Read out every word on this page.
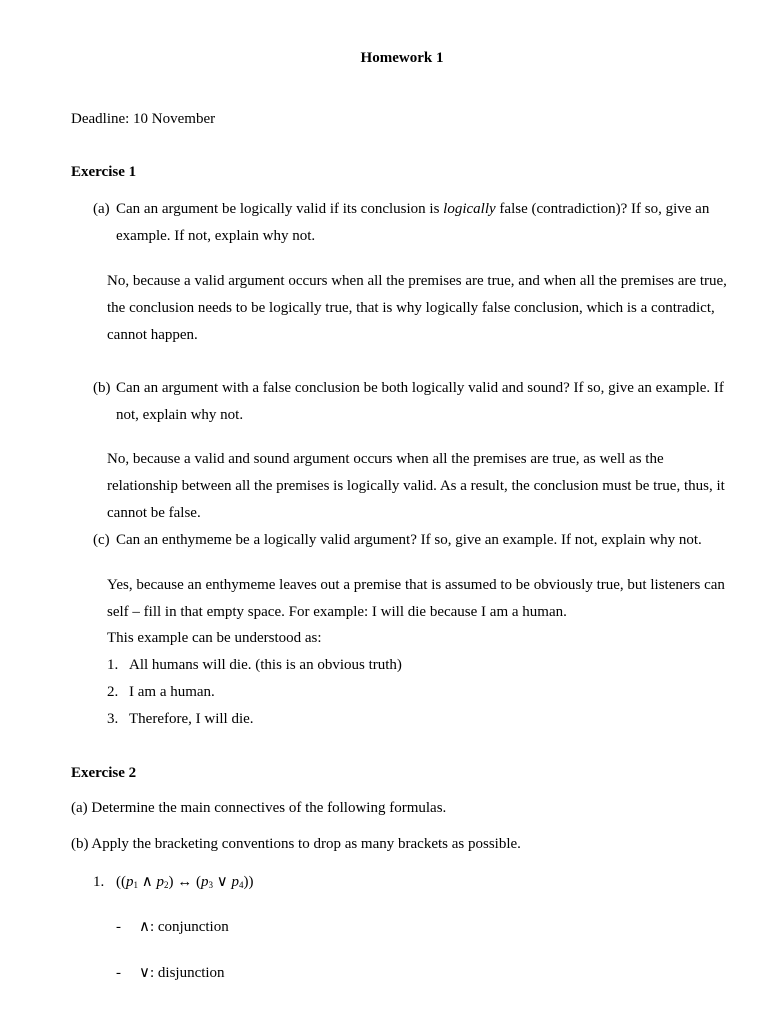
Homework 1

Deadline: 10 November

Exercise 1

(a) Can an argument be logically valid if its conclusion is logically false (contradiction)? If so, give an example. If not, explain why not.

No, because a valid argument occurs when all the premises are true, and when all the premises are true, the conclusion needs to be logically true, that is why logically false conclusion, which is a contradict, cannot happen.

(b) Can an argument with a false conclusion be both logically valid and sound? If so, give an example. If not, explain why not.

No, because a valid and sound argument occurs when all the premises are true, as well as the relationship between all the premises is logically valid. As a result, the conclusion must be true, thus, it cannot be false.

(c) Can an enthymeme be a logically valid argument? If so, give an example. If not, explain why not.

Yes, because an enthymeme leaves out a premise that is assumed to be obviously true, but listeners can self – fill in that empty space. For example: I will die because I am a human.

This example can be understood as:

1. All humans will die. (this is an obvious truth)
2. I am a human.
3. Therefore, I will die.

Exercise 2

(a) Determine the main connectives of the following formulas.

(b) Apply the bracketing conventions to drop as many brackets as possible.

1. (($p_1$ ∧ $p_2$) ↔ ($p_3$ ∨ $p_4$))
- ∧: conjunction
- ∨: disjunction
